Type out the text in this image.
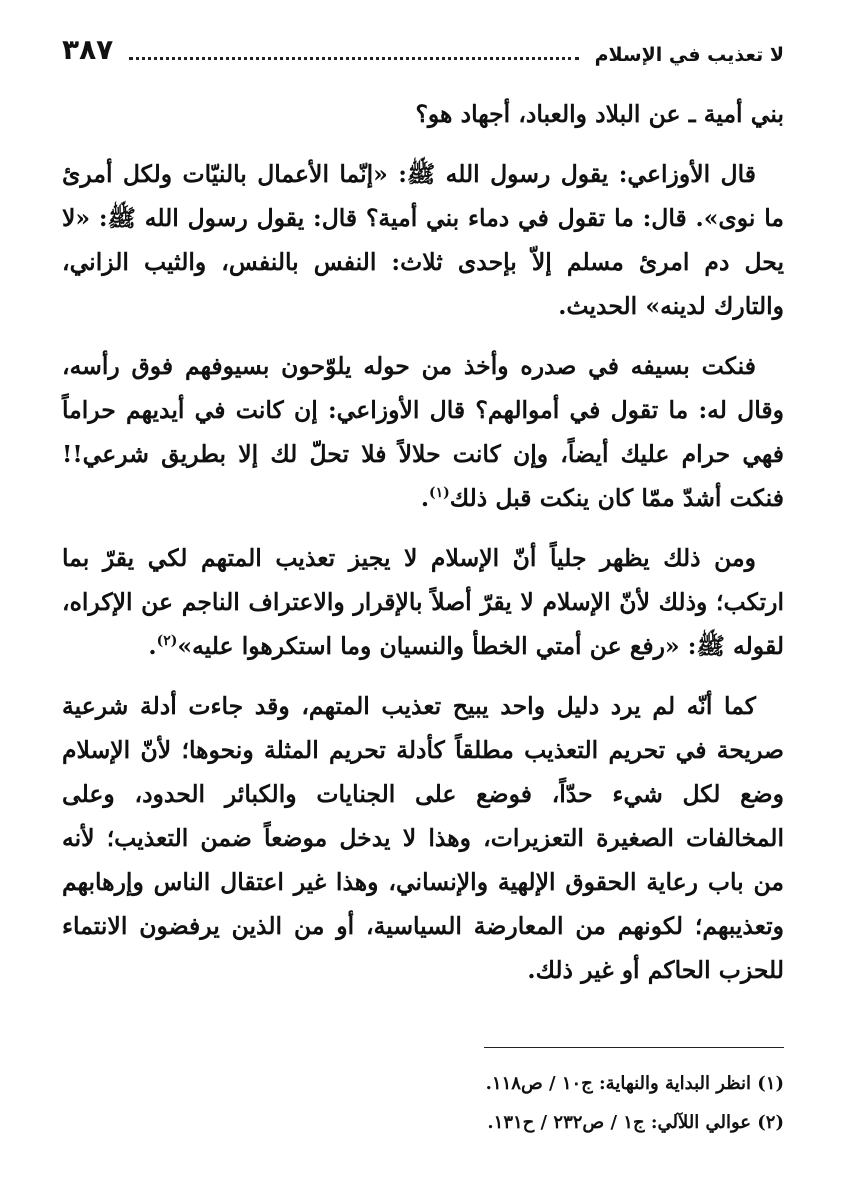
لا تعذيب في الإسلام
٣٨٧

بني أمية ـ عن البلاد والعباد، أجهاد هو؟

قال الأوزاعي: يقول رسول الله ﷺ: «إنّما الأعمال بالنيّات ولكل أمرئ ما نوى». قال: ما تقول في دماء بني أمية؟ قال: يقول رسول الله ﷺ: «لا يحل دم امرئ مسلم إلاّ بإحدى ثلاث: النفس بالنفس، والثيب الزاني، والتارك لدينه» الحديث.

فنكت بسيفه في صدره وأخذ من حوله يلوّحون بسيوفهم فوق رأسه، وقال له: ما تقول في أموالهم؟ قال الأوزاعي: إن كانت في أيديهم حراماً فهي حرام عليك أيضاً، وإن كانت حلالاً فلا تحلّ لك إلا بطريق شرعي!! فنكت أشدّ ممّا كان ينكت قبل ذلك$^{(١)}$.

ومن ذلك يظهر جلياً أنّ الإسلام لا يجيز تعذيب المتهم لكي يقرّ بما ارتكب؛ وذلك لأنّ الإسلام لا يقرّ أصلاً بالإقرار والاعتراف الناجم عن الإكراه، لقوله ﷺ: «رفع عن أمتي الخطأ والنسيان وما استكرهوا عليه»$^{(٢)}$.

كما أنّه لم يرد دليل واحد يبيح تعذيب المتهم، وقد جاءت أدلة شرعية صريحة في تحريم التعذيب مطلقاً كأدلة تحريم المثلة ونحوها؛ لأنّ الإسلام وضع لكل شيء حدّاً، فوضع على الجنايات والكبائر الحدود، وعلى المخالفات الصغيرة التعزيرات، وهذا لا يدخل موضعاً ضمن التعذيب؛ لأنه من باب رعاية الحقوق الإلهية والإنساني، وهذا غير اعتقال الناس وإرهابهم وتعذيبهم؛ لكونهم من المعارضة السياسية، أو من الذين يرفضون الانتماء للحزب الحاكم أو غير ذلك.

(١) انظر البداية والنهاية: ج١٠ / ص١١٨.
(٢) عوالي اللآلي: ج١ / ص٢٣٢ / ح١٣١.
